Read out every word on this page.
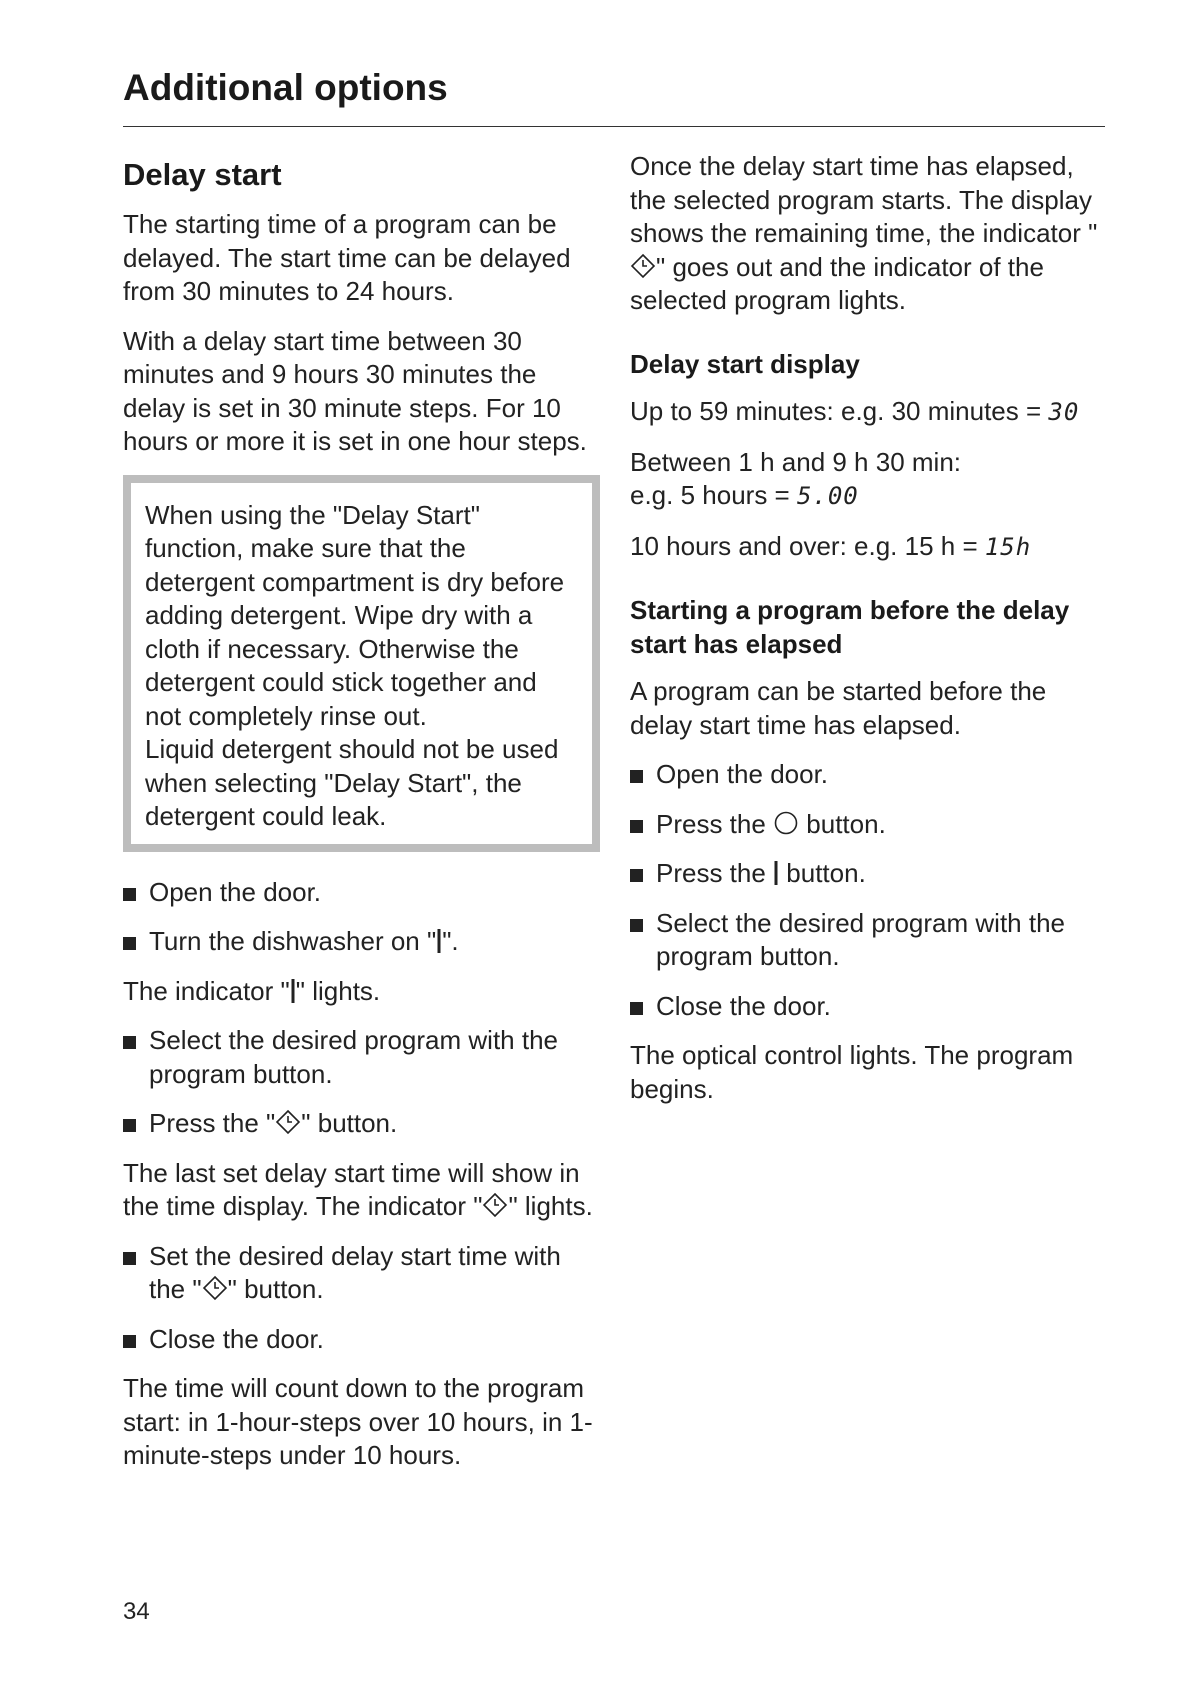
Additional options
Delay start

The starting time of a program can be delayed. The start time can be delayed from 30 minutes to 24 hours.

With a delay start time between 30 minutes and 9 hours 30 minutes the delay is set in 30 minute steps. For 10 hours or more it is set in one hour steps.

When using the "Delay Start" function, make sure that the detergent compartment is dry before adding detergent. Wipe dry with a cloth if necessary. Otherwise the detergent could stick together and not completely rinse out.

Liquid detergent should not be used when selecting "Delay Start", the detergent could leak.

Open the door.
Turn the dishwasher on " ".

The indicator " " lights.

Select the desired program with the program button.
Press the " " button.

The last set delay start time will show in the time display. The indicator " " lights.

Set the desired delay start time with the " " button.
Close the door.

The time will count down to the program start: in 1-hour-steps over 10 hours, in 1-minute-steps under 10 hours.

Once the delay start time has elapsed, the selected program starts. The display shows the remaining time, the indicator "" goes out and the indicator of the selected program lights.

Delay start display

Up to 59 minutes: e.g. 30 minutes = 30

Between 1 h and 9 h 30 min:
e.g. 5 hours = 5.00

10 hours and over: e.g. 15 h = 15h

Starting a program before the delay start has elapsed

A program can be started before the delay start time has elapsed.

Open the door.
Press the  button.
Press the  button.
Select the desired program with the program button.
Close the door.

The optical control lights. The program begins.

34
